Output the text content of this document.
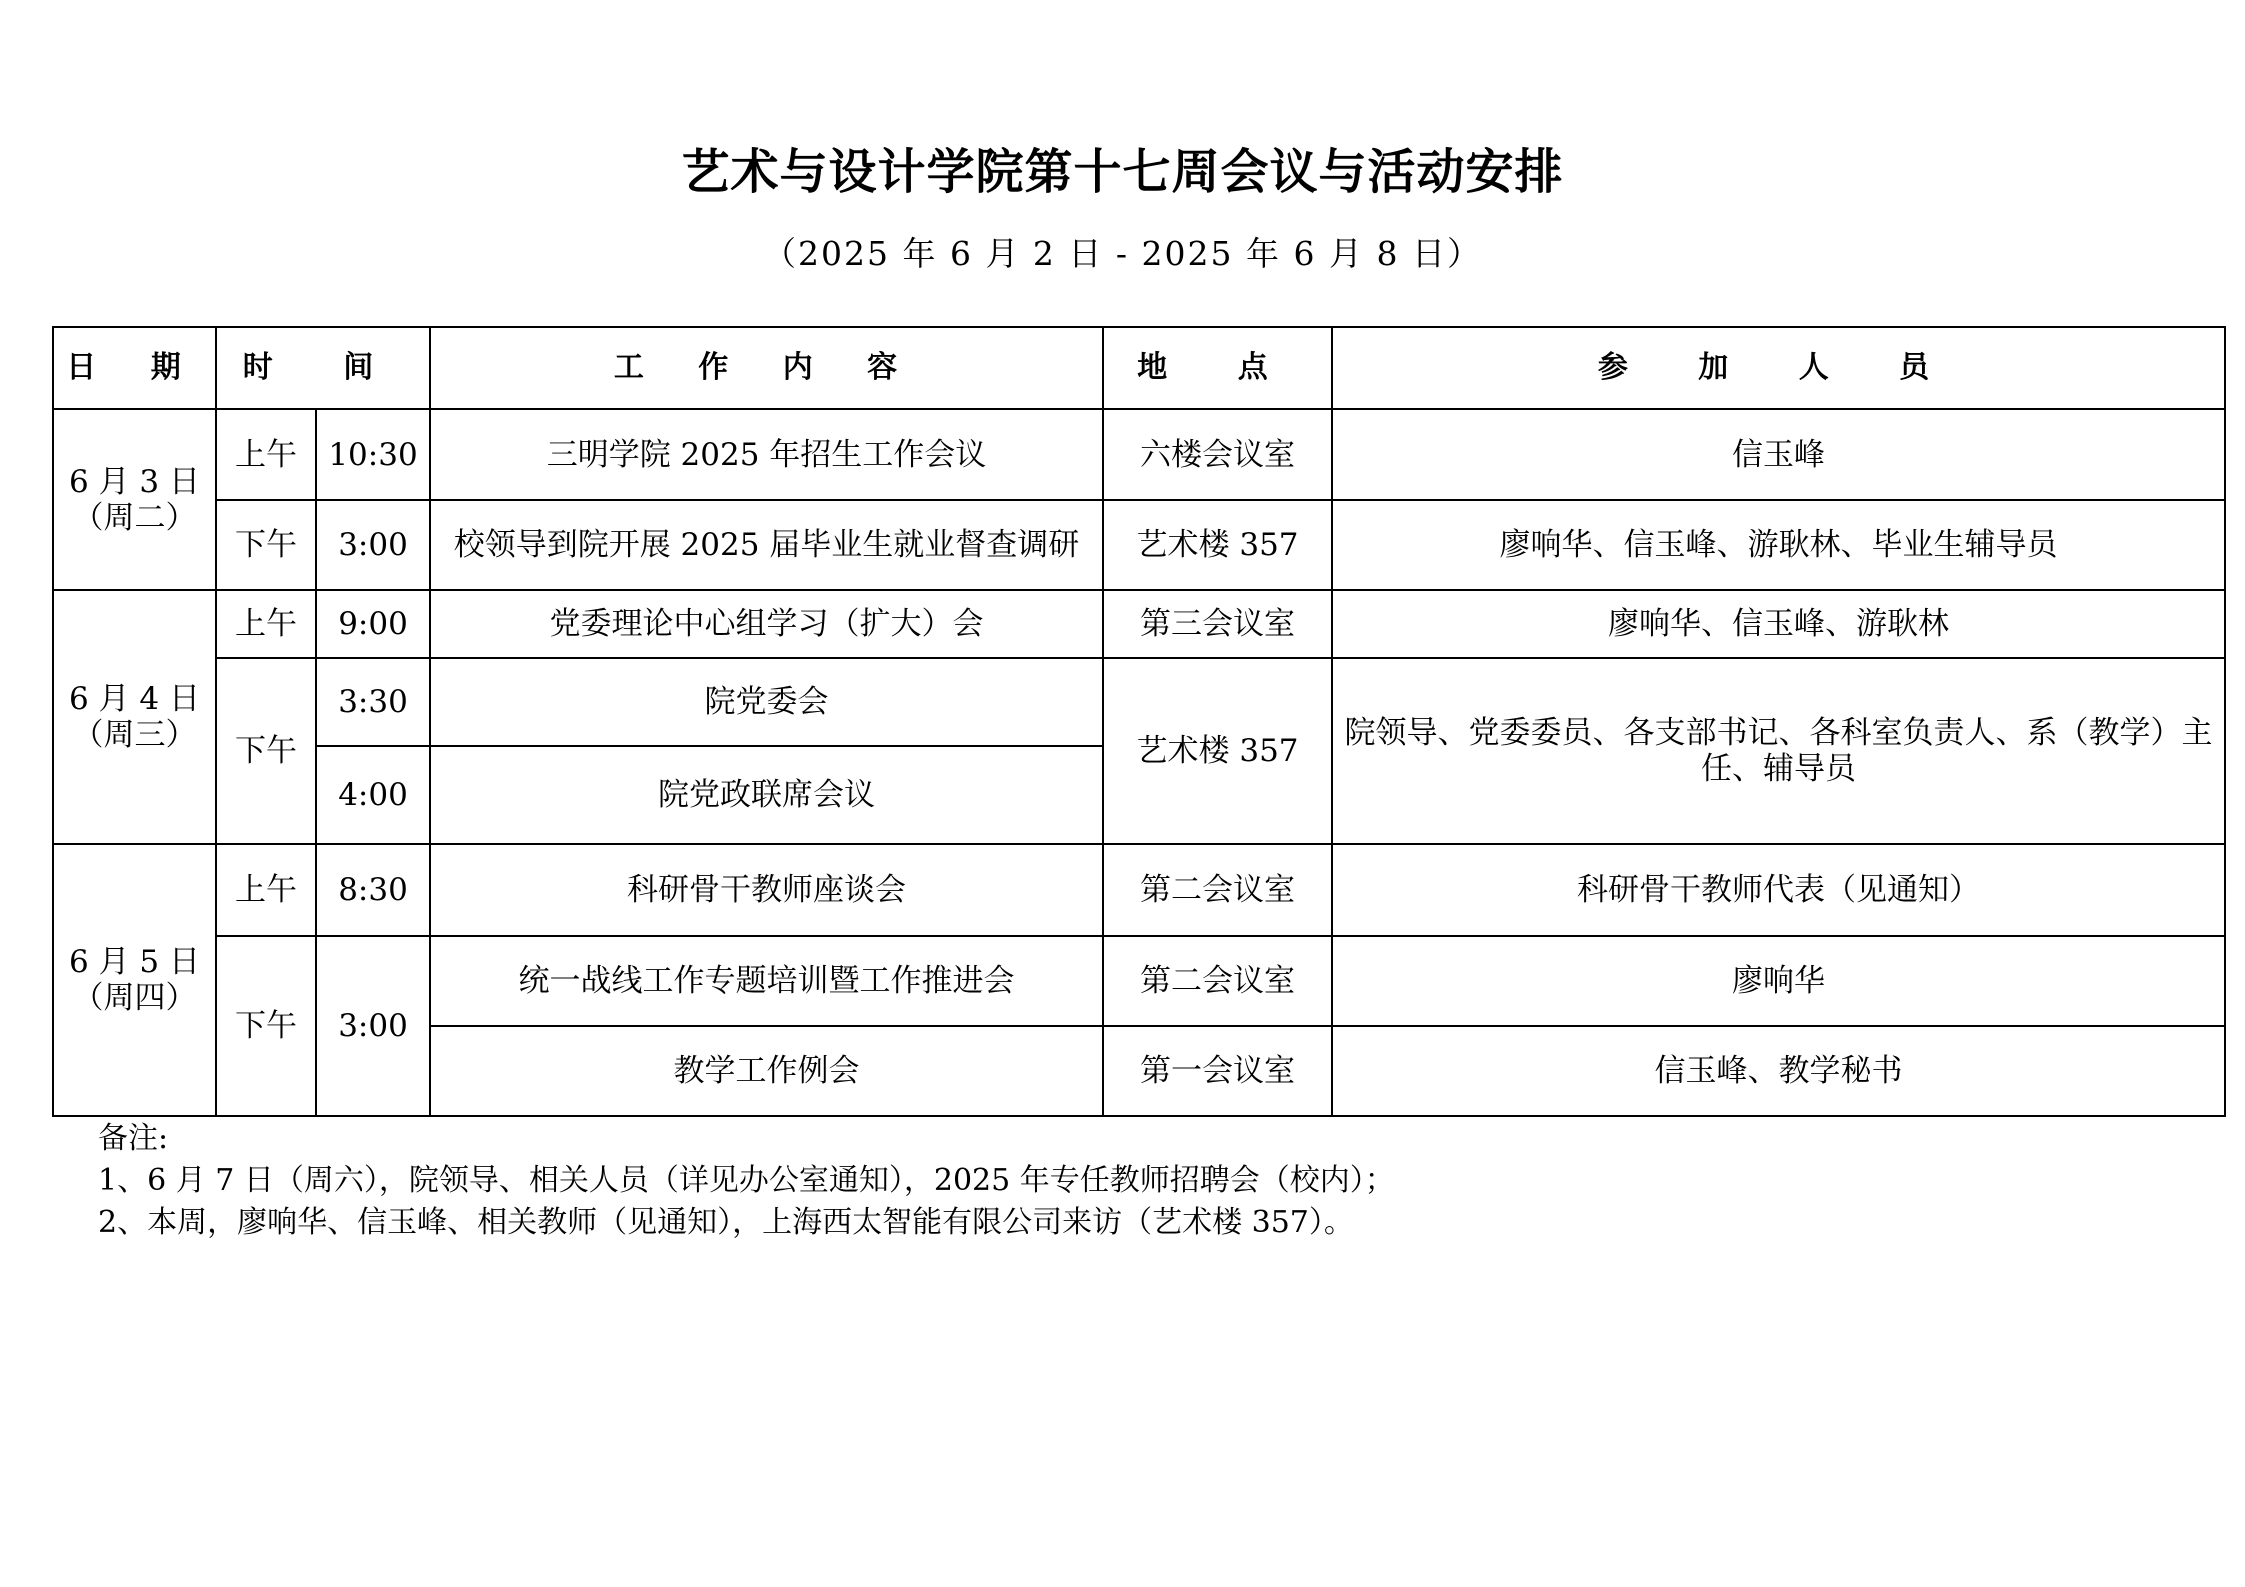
艺术与设计学院第十七周会议与活动安排
（2025 年 6 月 2 日 - 2025 年 6 月 8 日）
日 期	时 间		工 作 内 容	地 点	参 加 人 员

6 月 3 日
（周二）	上午	10:30	三明学院 2025 年招生工作会议	六楼会议室	信玉峰
	下午	3:00	校领导到院开展 2025 届毕业生就业督查调研	艺术楼 357	廖响华、信玉峰、游耿林、毕业生辅导员

6 月 4 日
（周三）	上午	9:00	党委理论中心组学习（扩大）会	第三会议室	廖响华、信玉峰、游耿林
	下午	3:30	院党委会	艺术楼 357	院领导、党委委员、各支部书记、各科室负责人、系（教学）主任、辅导员
		4:00	院党政联席会议		

6 月 5 日
（周四）	上午	8:30	科研骨干教师座谈会	第二会议室	科研骨干教师代表（见通知）
	下午	3:00	统一战线工作专题培训暨工作推进会	第二会议室	廖响华
			教学工作例会	第一会议室	信玉峰、教学秘书
备注:
1、6 月 7 日（周六），院领导、相关人员（详见办公室通知），2025 年专任教师招聘会（校内）；
2、本周，廖响华、信玉峰、相关教师（见通知），上海西太智能有限公司来访（艺术楼 357）。
